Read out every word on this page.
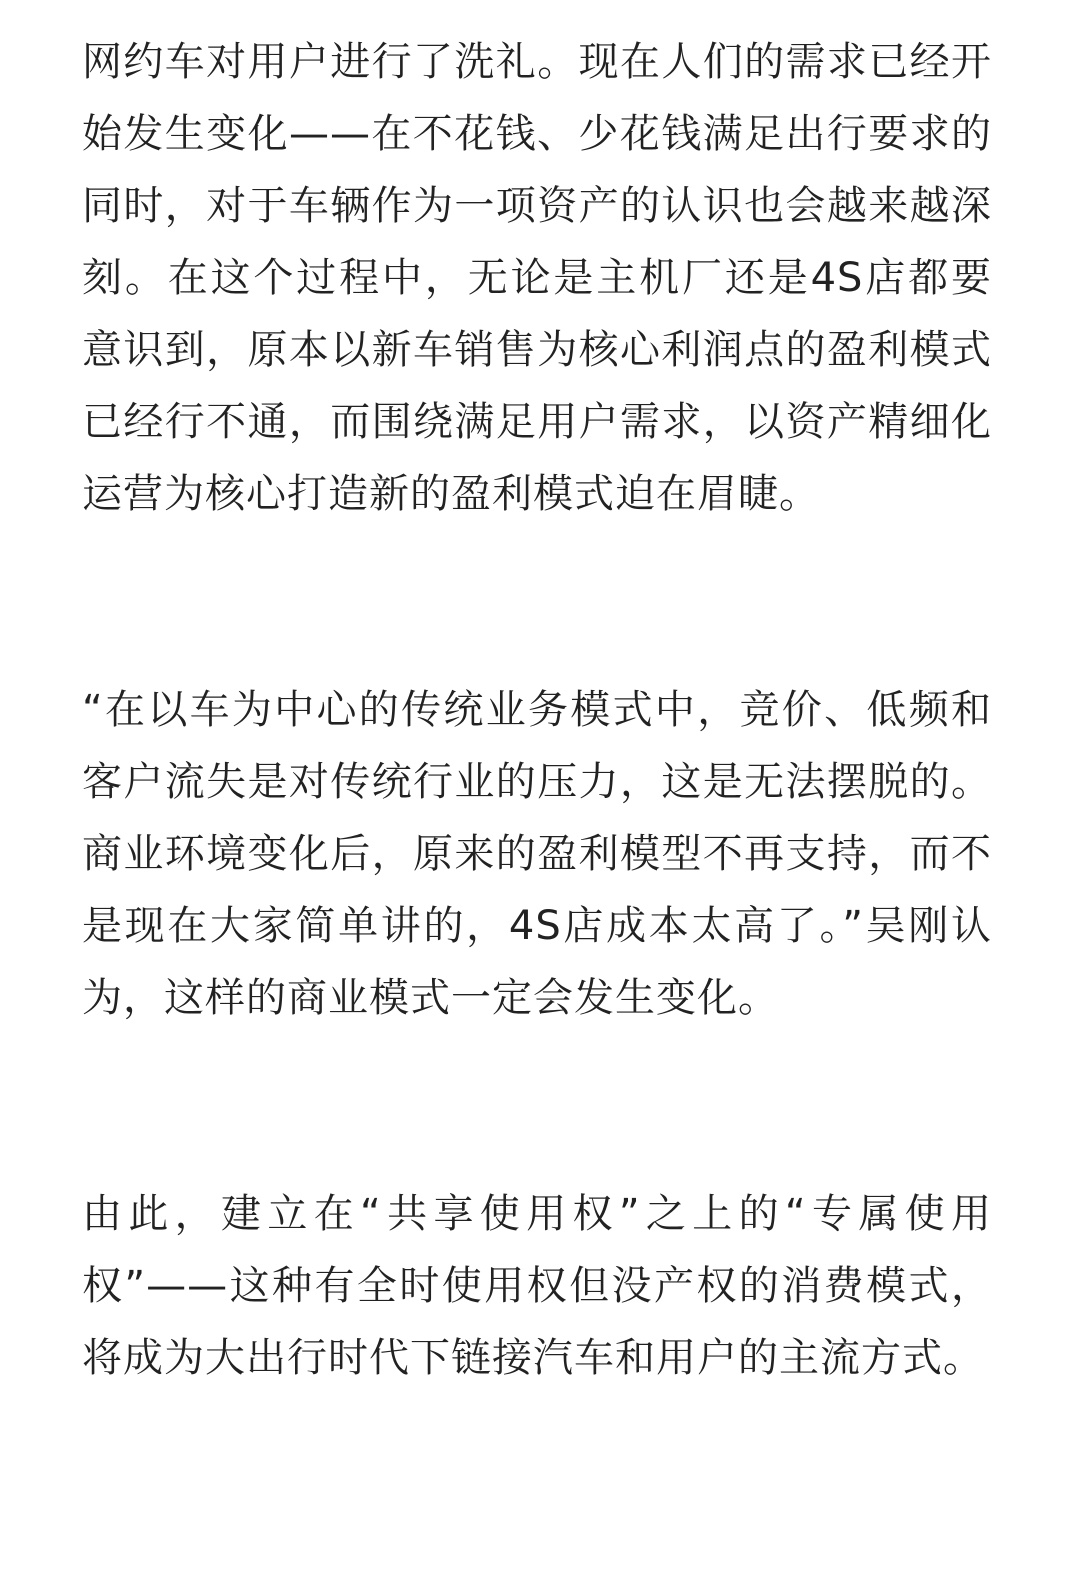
网约车对用户进行了洗礼。现在人们的需求已经开始发生变化——在不花钱、少花钱满足出行要求的同时，对于车辆作为一项资产的认识也会越来越深刻。在这个过程中，无论是主机厂还是4S店都要意识到，原本以新车销售为核心利润点的盈利模式已经行不通，而围绕满足用户需求，以资产精细化运营为核心打造新的盈利模式迫在眉睫。

“在以车为中心的传统业务模式中，竞价、低频和客户流失是对传统行业的压力，这是无法摆脱的。商业环境变化后，原来的盈利模型不再支持，而不是现在大家简单讲的，4S店成本太高了。”吴刚认为，这样的商业模式一定会发生变化。

由此，建立在“共享使用权”之上的“专属使用权”——这种有全时使用权但没产权的消费模式，将成为大出行时代下链接汽车和用户的主流方式。
